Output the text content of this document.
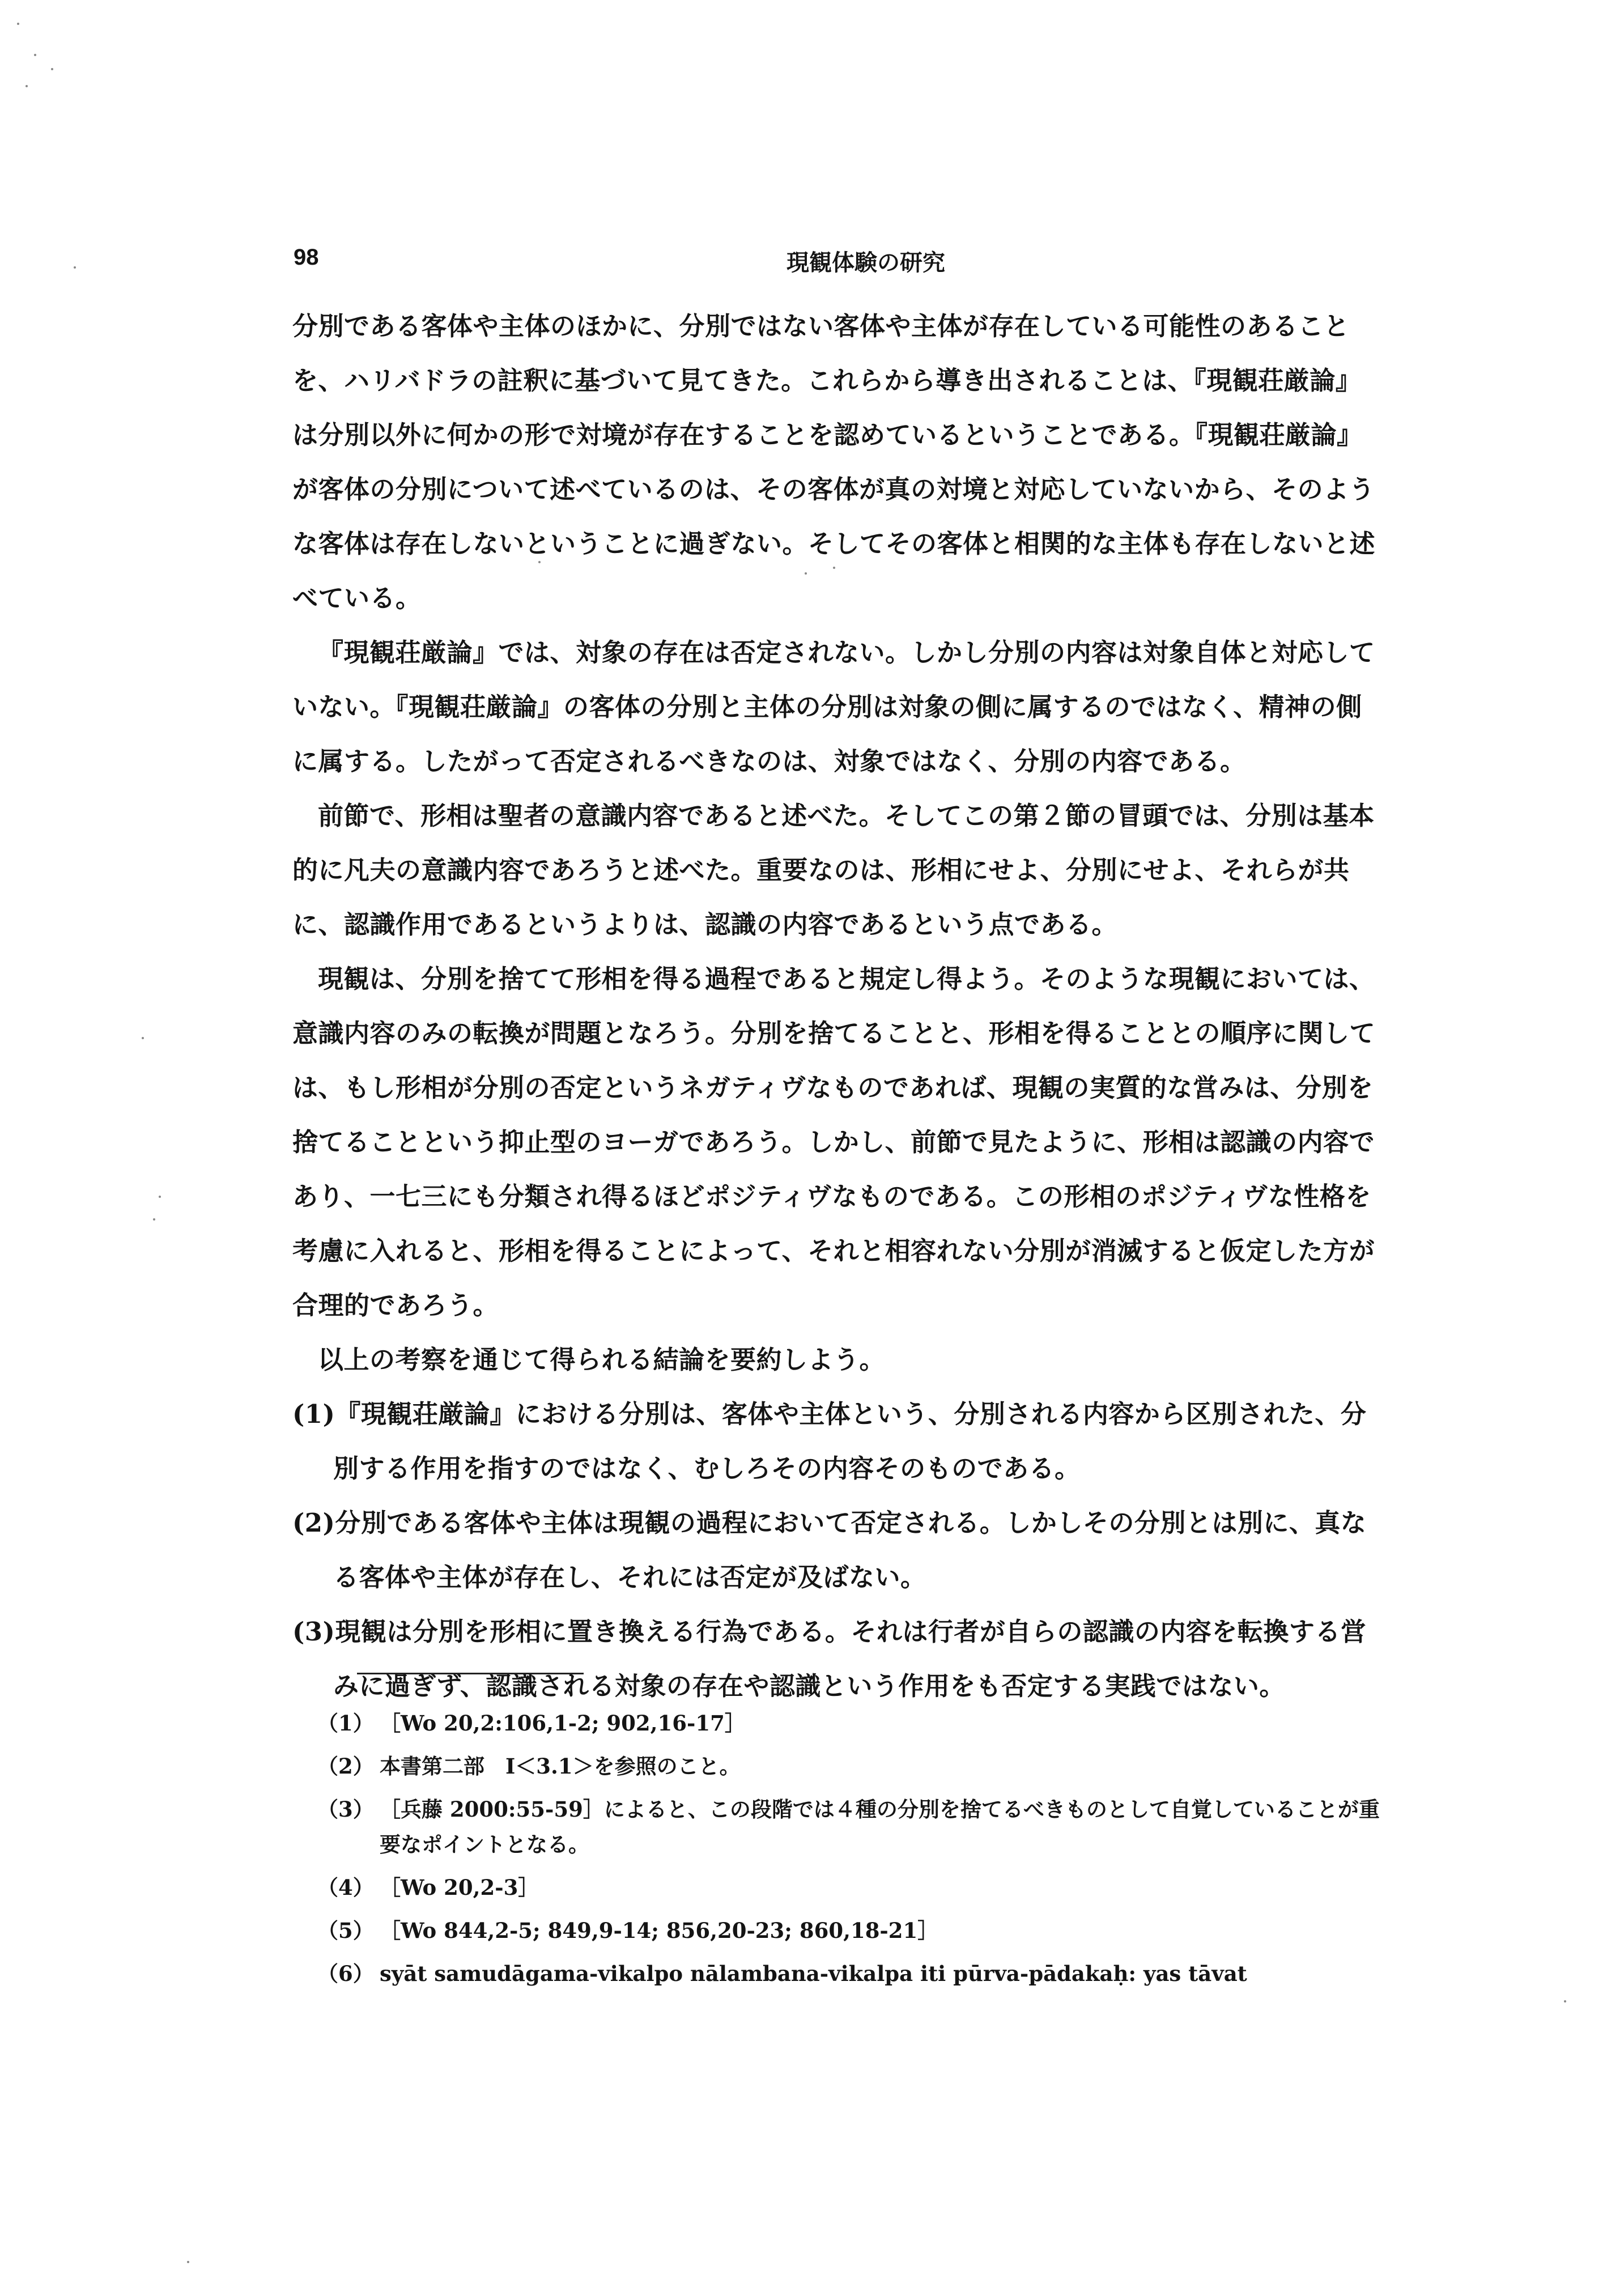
98	現観体験の研究

分別である客体や主体のほかに、分別ではない客体や主体が存在している可能性のあることを、ハリバドラの註釈に基づいて見てきた。これらから導き出されることは、『現観荘厳論』は分別以外に何かの形で対境が存在することを認めているということである。『現観荘厳論』が客体の分別について述べているのは、その客体が真の対境と対応していないから、そのような客体は存在しないということに過ぎない。そしてその客体と相関的な主体も存在しないと述べている。

『現観荘厳論』では、対象の存在は否定されない。しかし分別の内容は対象自体と対応していない。『現観荘厳論』の客体の分別と主体の分別は対象の側に属するのではなく、精神の側に属する。したがって否定されるべきなのは、対象ではなく、分別の内容である。

前節で、形相は聖者の意識内容であると述べた。そしてこの第２節の冒頭では、分別は基本的に凡夫の意識内容であろうと述べた。重要なのは、形相にせよ、分別にせよ、それらが共に、認識作用であるというよりは、認識の内容であるという点である。

現観は、分別を捨てて形相を得る過程であると規定し得よう。そのような現観においては、意識内容のみの転換が問題となろう。分別を捨てることと、形相を得ることとの順序に関しては、もし形相が分別の否定というネガティヴなものであれば、現観の実質的な営みは、分別を捨てることという抑止型のヨーガであろう。しかし、前節で見たように、形相は認識の内容であり、一七三にも分類され得るほどポジティヴなものである。この形相のポジティヴな性格を考慮に入れると、形相を得ることによって、それと相容れない分別が消滅すると仮定した方が合理的であろう。

以上の考察を通じて得られる結論を要約しよう。

(1)『現観荘厳論』における分別は、客体や主体という、分別される内容から区別された、分別する作用を指すのではなく、むしろその内容そのものである。

(2)分別である客体や主体は現観の過程において否定される。しかしその分別とは別に、真なる客体や主体が存在し、それには否定が及ばない。

(3)現観は分別を形相に置き換える行為である。それは行者が自らの認識の内容を転換する営みに過ぎず、認識される対象の存在や認識という作用をも否定する実践ではない。

（1） ［Wo 20,2:106,1-2; 902,16-17］
（2） 本書第二部　Ⅰ＜3.1＞を参照のこと。
（3） ［兵藤 2000:55-59］によると、この段階では４種の分別を捨てるべきものとして自覚していることが重要なポイントとなる。
（4） ［Wo 20,2-3］
（5） ［Wo 844,2-5; 849,9-14; 856,20-23; 860,18-21］
（6） syāt samudāgama-vikalpo nālambana-vikalpa iti pūrva-pādakaḥ: yas tāvat
